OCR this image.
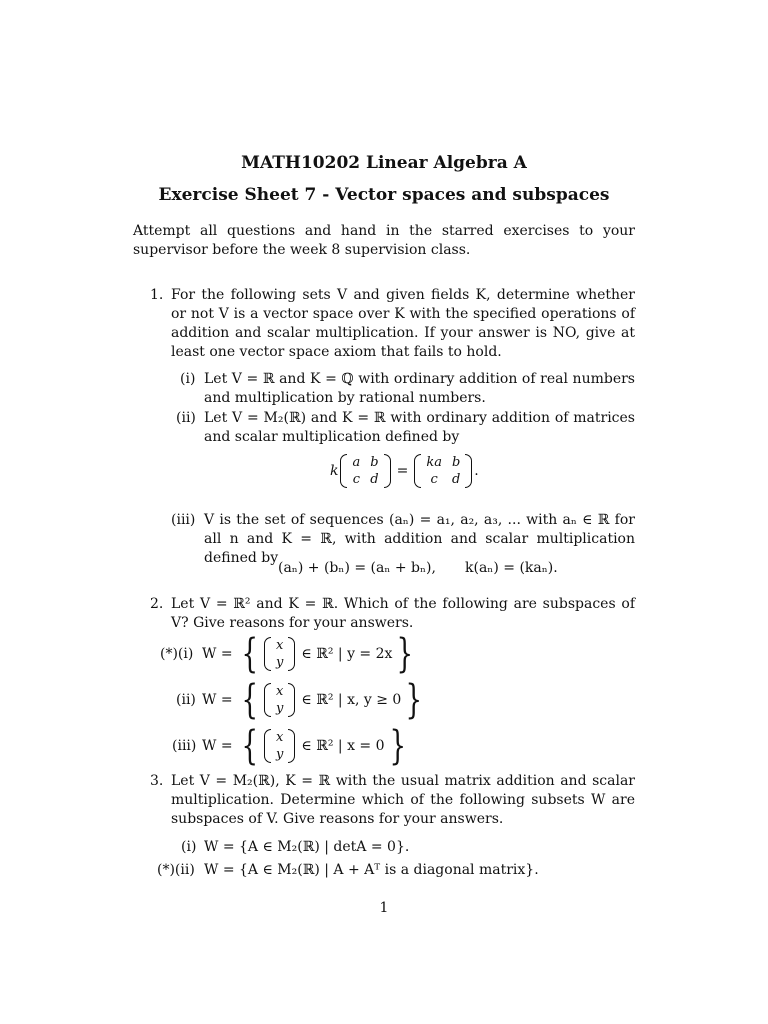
MATH10202 Linear Algebra A
Exercise Sheet 7 - Vector spaces and subspaces
Attempt all questions and hand in the starred exercises to your supervisor before the week 8 supervision class.
1. For the following sets V and given fields K, determine whether or not V is a vector space over K with the specified operations of addition and scalar multiplication. If your answer is NO, give at least one vector space axiom that fails to hold.
(i) Let V = ℝ and K = ℚ with ordinary addition of real numbers and multiplication by rational numbers.
(ii) Let V = M₂(ℝ) and K = ℝ with ordinary addition of matrices and scalar multiplication defined by
k a	b
c	d
= ka	b
c	d
.
(iii) V is the set of sequences (aₙ) = a₁, a₂, a₃, ... with aₙ ∈ ℝ for all n and K = ℝ, with addition and scalar multiplication defined by
(aₙ) + (bₙ) = (aₙ + bₙ), k(aₙ) = (kaₙ).
2. Let V = ℝ² and K = ℝ. Which of the following are subspaces of V? Give reasons for your answers.
(*)(i) W = { x
y
∈ ℝ² | y = 2x }
(ii) W = { x
y
∈ ℝ² | x, y ≥ 0 }
(iii) W = { x
y
∈ ℝ² | x = 0 }
3. Let V = M₂(ℝ), K = ℝ with the usual matrix addition and scalar multiplication. Determine which of the following subsets W are subspaces of V. Give reasons for your answers.
(i) W = {A ∈ M₂(ℝ) | detA = 0}.
(*)(ii) W = {A ∈ M₂(ℝ) | A + Aᵀ is a diagonal matrix}.
1
